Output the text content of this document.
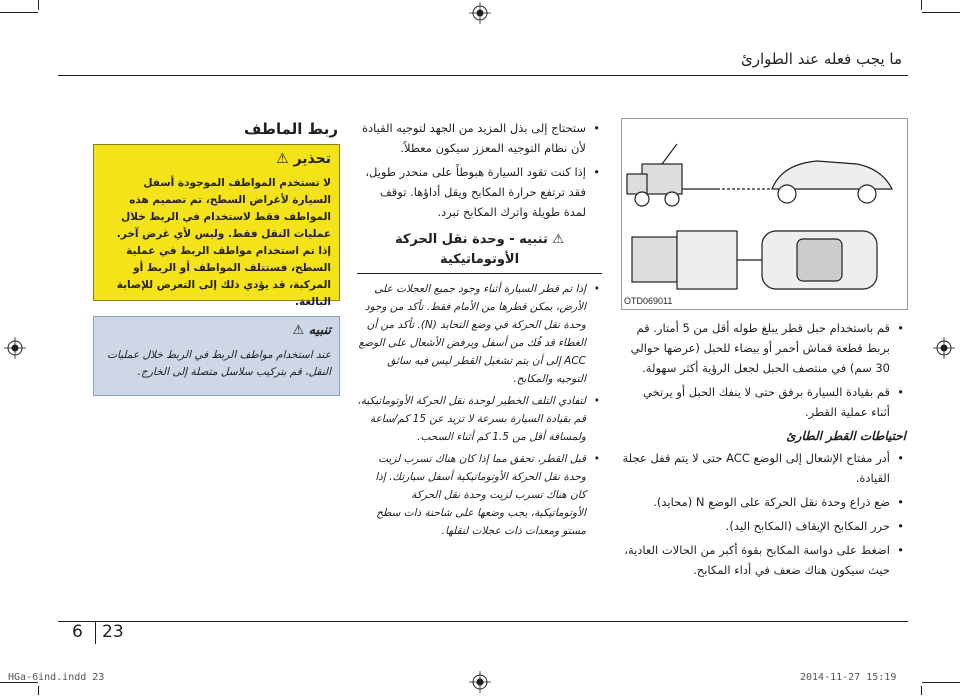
ما يجب فعله عند الطوارئ
ربط الماطف
تحذير ⚠
لا تستخدم المواطف الموجودة أسفل السيارة لأغراض السطح، تم تصميم هذه المواطف فقط لاستخدام في الربط خلال عمليات النقل فقط. وليس لأي غرض آخر. إذا تم استخدام مواطف الربط في عملية السطح، فستتلف المواطف أو الربط أو المركبة، قد يؤدي ذلك إلى التعرض للإصابة البالغة.
تنبيه ⚠
عند استخدام مواطف الربط في الربط خلال عمليات النقل، قم بتركيب سلاسل متصلة إلى الخارج.
• ستحتاج إلى بذل المزيد من الجهد لتوجيه القيادة لأن نظام التوجيه المعزز سيكون معطلاً.
• إذا كنت تقود السيارة هبوطاً على منحدر طويل، فقد ترتفع حرارة المكابح ويقل أداؤها. توقف لمدة طويلة واترك المكابح تبرد.
⚠ تنبيه - وحدة نقل الحركة الأوتوماتيكية
• إذا تم قطر السيارة أثناء وجود جميع العجلات على الأرض، يمكن قطرها من الأمام فقط. تأكد من وجود وحدة نقل الحركة في وضع التحايد (N). تأكد من أن الغطاء قد فُك من أسفل ويرفض الأشعال على الوضع ACC إلى أن يتم تشغيل القطر ليس فيه سائق التوجيه والمكابح.
• لتفادي التلف الخطير لوحدة نقل الحركة الأوتوماتيكية، قم بقيادة السيارة بسرعة لا تزيد عن 15 كم/ساعة ولمسافة أقل من 1.5 كم أثناء السحب.
• قبل القطر، تحقق مما إذا كان هناك تسرب لزيت وحدة نقل الحركة الأوتوماتيكية أسفل سيارتك. إذا كان هناك تسرب لزيت وحدة نقل الحركة الأوتوماتيكية، يجب وضعها على شاحنة ذات سطح مستو ومعدات ذات عجلات لنقلها.
OTD069011
• قم باستخدام حبل قطر يبلغ طوله أقل من 5 أمتار. قم بربط قطعة قماش أحمر أو بيضاء للحبل (عرضها حوالي 30 سم) في منتصف الحبل لجعل الرؤية أكثر سهولة.
• قم بقيادة السيارة برفق حتى لا ينفك الحبل أو يرتخي أثناء عملية القطر.

احتياطات القطر الطارئ

• أدر مفتاح الإشعال إلى الوضع ACC حتى لا يتم قفل عجلة القيادة.
• ضع ذراع وحدة نقل الحركة على الوضع N (محايد).
• حرر المكابح الإيقاف (المكابح اليد).
• اضغط على دواسة المكابح بقوة أكبر من الحالات العادية، حيث سيكون هناك ضعف في أداء المكابح.
6 23
HGa-6ind.indd 23	2014-11-27 ‏ 15:19
